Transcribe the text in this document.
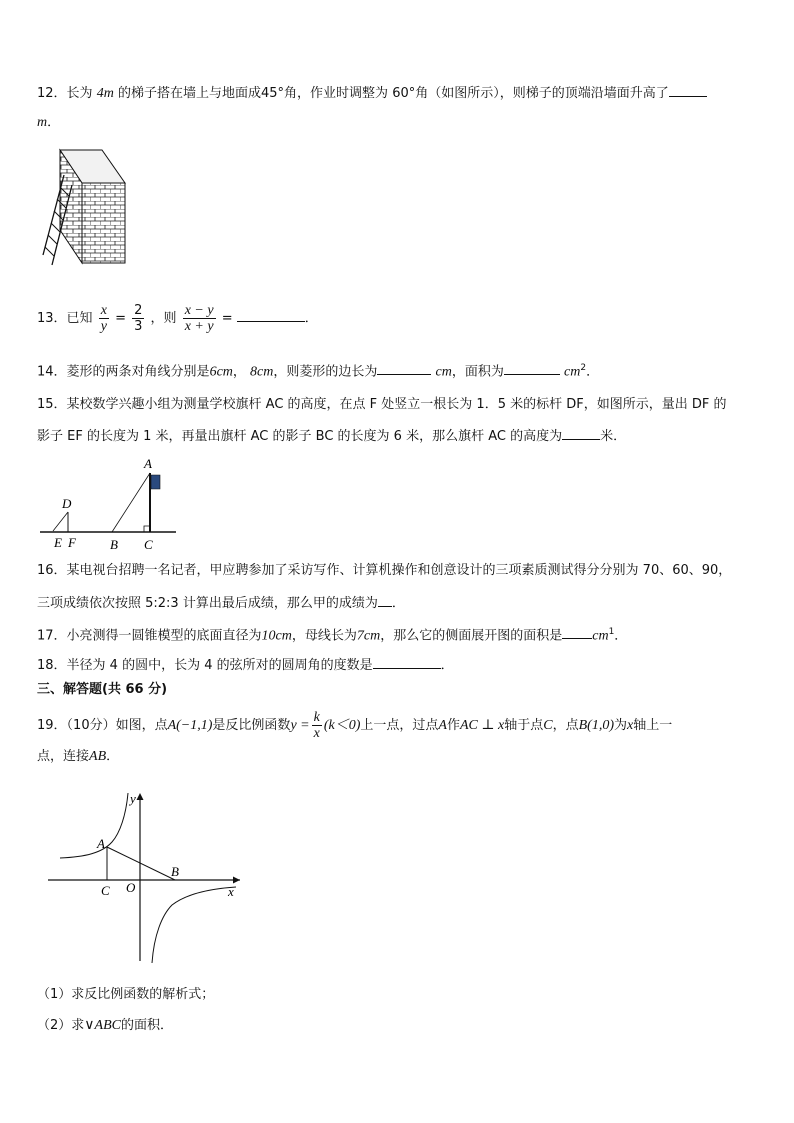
12．长为 4m 的梯子搭在墙上与地面成45°角，作业时调整为 60°角（如图所示），则梯子的顶端沿墙面升高了
m．
13．已知 $\frac{x}{y} = \frac{2}{3}$ ，则 $\frac{x - y}{x + y}$ =	．
14．菱形的两条对角线分别是6cm， 8cm，则菱形的边长为	cm，面积为	$cm^2$．
15．某校数学兴趣小组为测量学校旗杆 AC 的高度，在点 F 处竖立一根长为 1．5 米的标杆 DF，如图所示，量出 DF 的
影子 EF 的长度为 1 米，再量出旗杆 AC 的影子 BC 的长度为 6 米，那么旗杆 AC 的高度为	米．
A
D
E F	B C
16．某电视台招聘一名记者，甲应聘参加了采访写作、计算机操作和创意设计的三项素质测试得分分别为 70、60、90，
三项成绩依次按照 5:2:3 计算出最后成绩，那么甲的成绩为 ．
17．小亮测得一圆锥模型的底面直径为10cm，母线长为7cm，那么它的侧面展开图的面积是 $cm^1$．
18．半径为 4 的圆中，长为 4 的弦所对的圆周角的度数是	．
三、解答题(共 66 分)
19．（10分）如图，点A(−1,1)是反比例函数$y = \frac{k}{x} (k<0)$上一点，过点A作AC ⊥ x轴于点C，点B(1,0)为x轴上一
点，连接AB．
y
x
A
B
C O
（1）求反比例函数的解析式；
（2）求∨ABC的面积．
